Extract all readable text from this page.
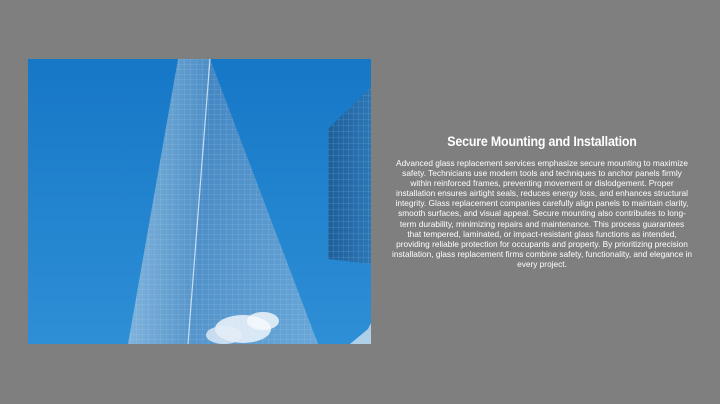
Secure Mounting and Installation

Advanced glass replacement services emphasize secure mounting to maximize safety. Technicians use modern tools and techniques to anchor panels firmly within reinforced frames, preventing movement or dislodgement. Proper installation ensures airtight seals, reduces energy loss, and enhances structural integrity. Glass replacement companies carefully align panels to maintain clarity, smooth surfaces, and visual appeal. Secure mounting also contributes to long-term durability, minimizing repairs and maintenance. This process guarantees that tempered, laminated, or impact-resistant glass functions as intended, providing reliable protection for occupants and property. By prioritizing precision installation, glass replacement firms combine safety, functionality, and elegance in every project.
